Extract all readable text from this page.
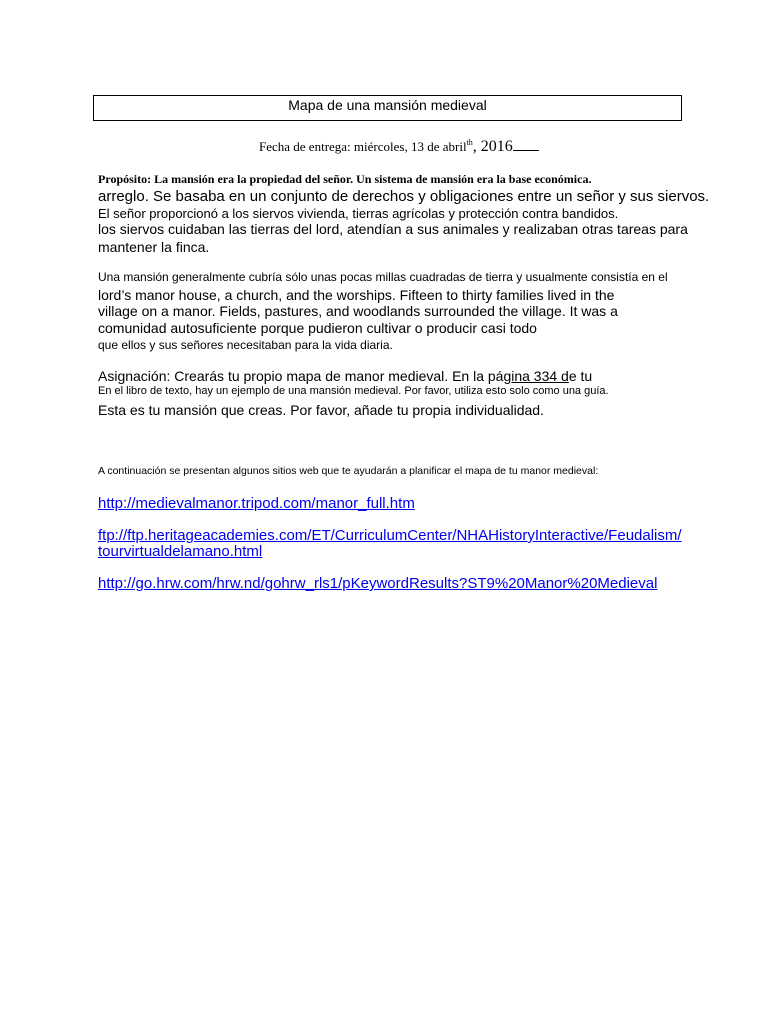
Mapa de una mansión medieval
Fecha de entrega: miércoles, 13 de abril$^{th}$, 2016
Propósito: La mansión era la propiedad del señor. Un sistema de mansión era la base económica.
arreglo. Se basaba en un conjunto de derechos y obligaciones entre un señor y sus siervos.
El señor proporcionó a los siervos vivienda, tierras agrícolas y protección contra bandidos.
los siervos cuidaban las tierras del lord, atendían a sus animales y realizaban otras tareas para
mantener la finca.
Una mansión generalmente cubría sólo unas pocas millas cuadradas de tierra y usualmente consistía en el
lord’s manor house, a church, and the worships. Fifteen to thirty families lived in the
village on a manor. Fields, pastures, and woodlands surrounded the village. It was a
comunidad autosuficiente porque pudieron cultivar o producir casi todo
que ellos y sus señores necesitaban para la vida diaria.
Asignación: Crearás tu propio mapa de manor medieval. En la página 334 de tu
En el libro de texto, hay un ejemplo de una mansión medieval. Por favor, utiliza esto solo como una guía.
Esta es tu mansión que creas. Por favor, añade tu propia individualidad.
A continuación se presentan algunos sitios web que te ayudarán a planificar el mapa de tu manor medieval:
http://medievalmanor.tripod.com/manor_full.htm
ftp://ftp.heritageacademies.com/ET/CurriculumCenter/NHAHistoryInteractive/Feudalism/
tourvirtualdelamano.html
http://go.hrw.com/hrw.nd/gohrw_rls1/pKeywordResults?ST9%20Manor%20Medieval
